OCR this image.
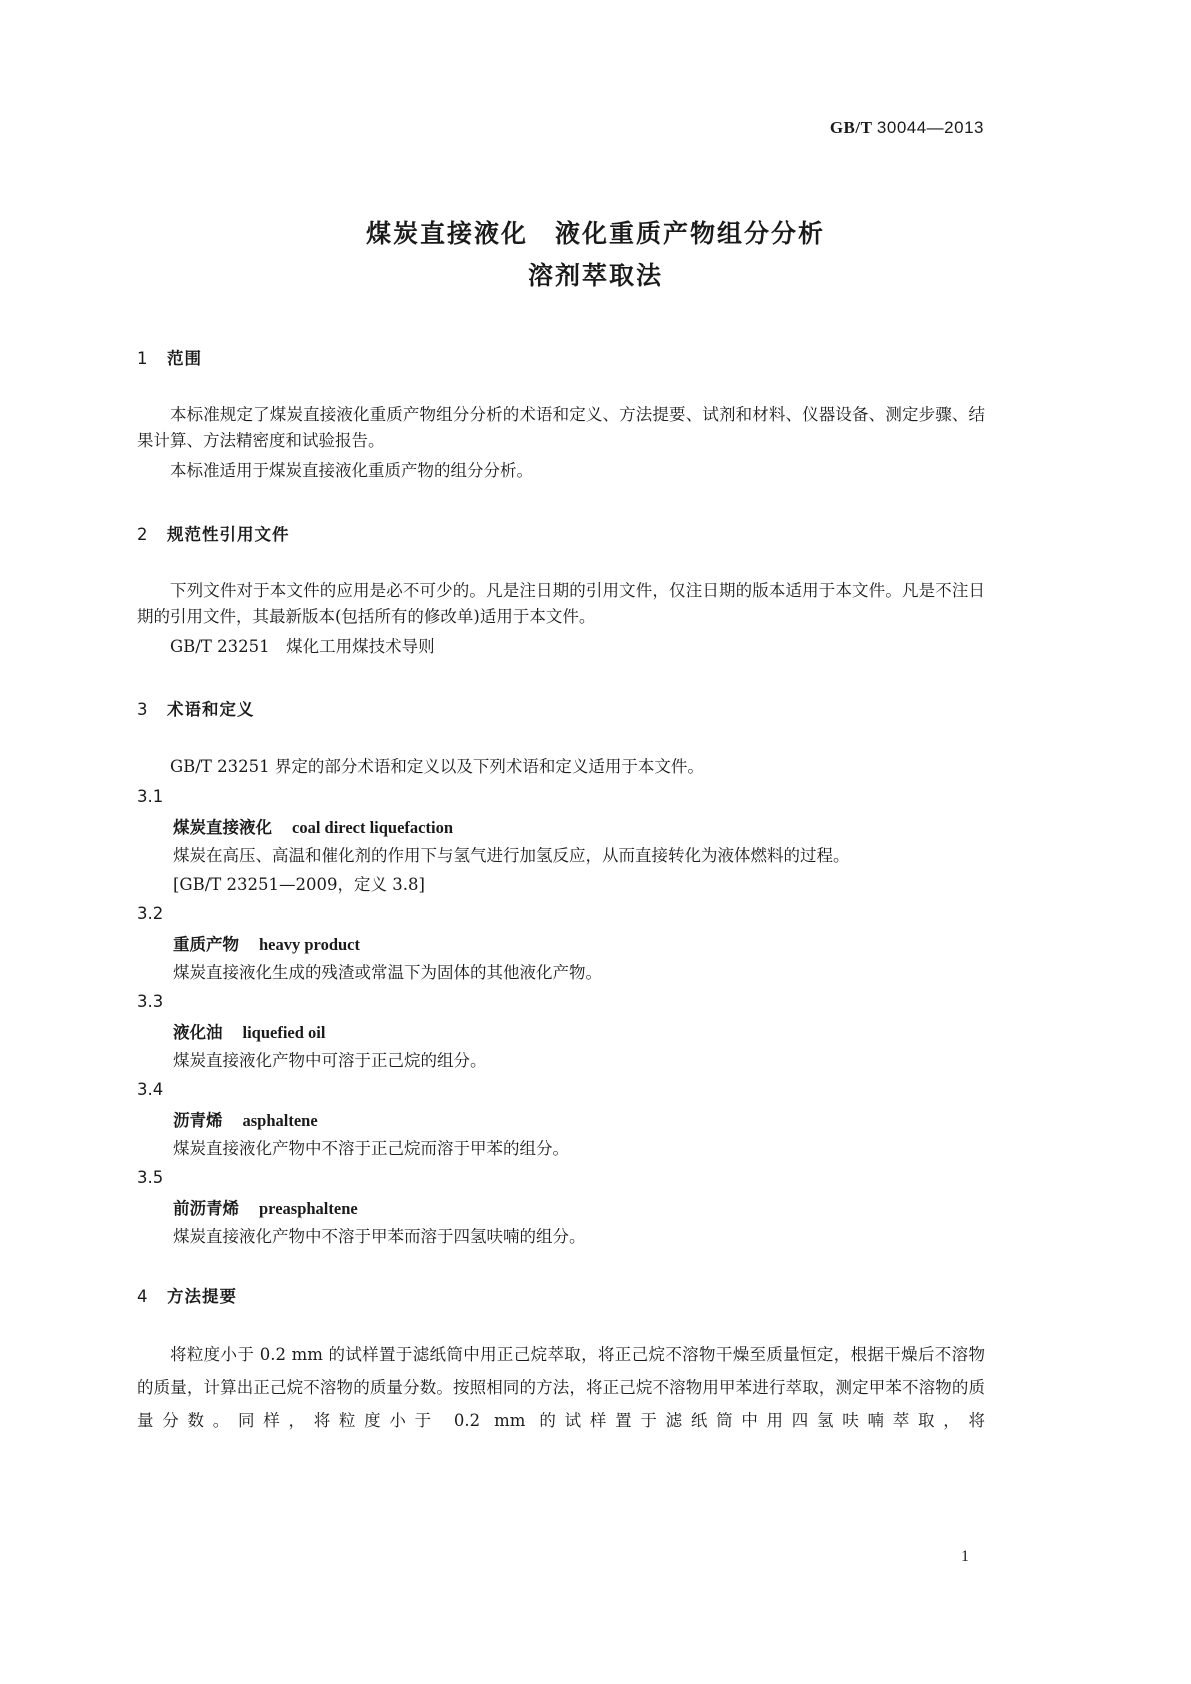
GB/T 30044—2013
煤炭直接液化　液化重质产物组分分析
溶剂萃取法
1 范围
本标准规定了煤炭直接液化重质产物组分分析的术语和定义、方法提要、试剂和材料、仪器设备、测定步骤、结果计算、方法精密度和试验报告。
本标准适用于煤炭直接液化重质产物的组分分析。
2 规范性引用文件
下列文件对于本文件的应用是必不可少的。凡是注日期的引用文件，仅注日期的版本适用于本文件。凡是不注日期的引用文件，其最新版本(包括所有的修改单)适用于本文件。
GB/T 23251　煤化工用煤技术导则
3 术语和定义
GB/T 23251 界定的部分术语和定义以及下列术语和定义适用于本文件。
3.1
煤炭直接液化 coal direct liquefaction
煤炭在高压、高温和催化剂的作用下与氢气进行加氢反应，从而直接转化为液体燃料的过程。
[GB/T 23251—2009，定义 3.8]
3.2
重质产物 heavy product
煤炭直接液化生成的残渣或常温下为固体的其他液化产物。
3.3
液化油 liquefied oil
煤炭直接液化产物中可溶于正己烷的组分。
3.4
沥青烯 asphaltene
煤炭直接液化产物中不溶于正己烷而溶于甲苯的组分。
3.5
前沥青烯 preasphaltene
煤炭直接液化产物中不溶于甲苯而溶于四氢呋喃的组分。
4 方法提要
将粒度小于 0.2 mm 的试样置于滤纸筒中用正己烷萃取，将正己烷不溶物干燥至质量恒定，根据干燥后不溶物的质量，计算出正己烷不溶物的质量分数。按照相同的方法，将正己烷不溶物用甲苯进行萃取，测定甲苯不溶物的质量分数。同样，将粒度小于 0.2 mm 的试样置于滤纸筒中用四氢呋喃萃取，将
1
